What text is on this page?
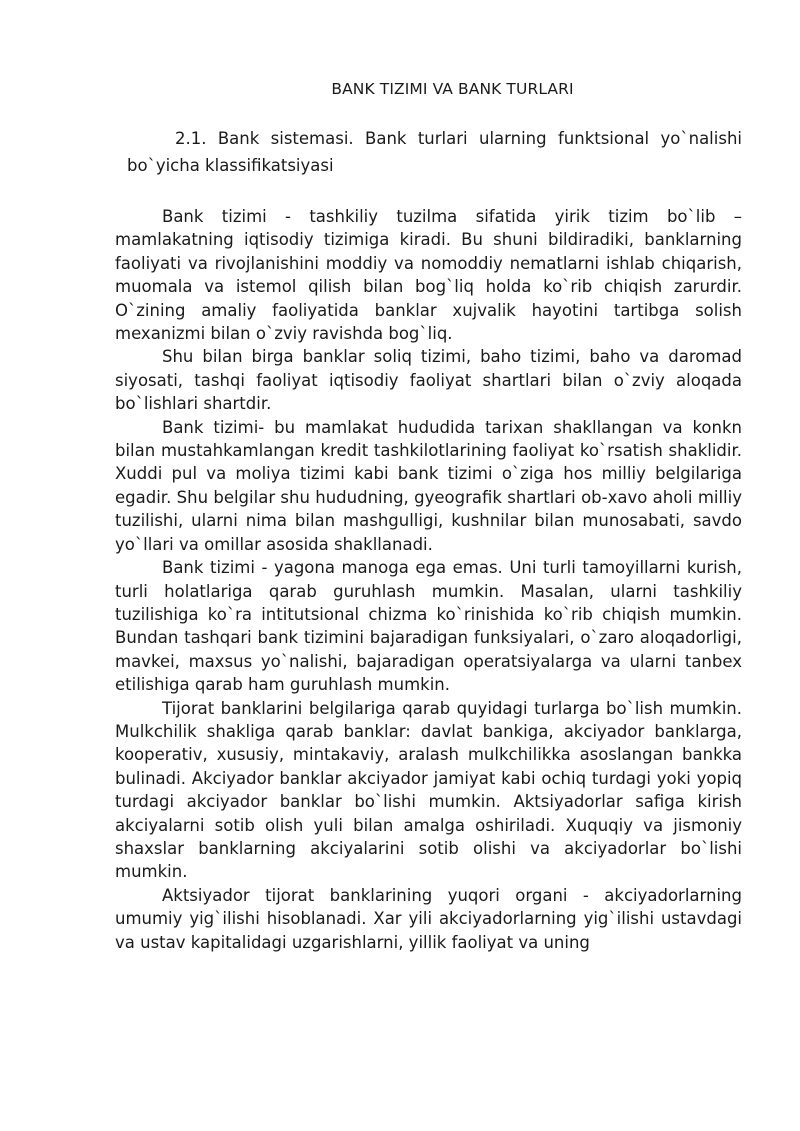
BANK TIZIMI VA BANK TURLARI
2.1. Bank sistemasi. Bank turlari ularning funktsional yo`nalishi bo`yicha klassifikatsiyasi

Bank tizimi - tashkiliy tuzilma sifatida yirik tizim bo`lib – mamlakatning iqtisodiy tizimiga kiradi. Bu shuni bildiradiki, banklarning faoliyati va rivojlanishini moddiy va nomoddiy nematlarni ishlab chiqarish, muomala va istemol qilish bilan bog`liq holda ko`rib chiqish zarurdir. O`zining amaliy faoliyatida banklar xujvalik hayotini tartibga solish mexanizmi bilan o`zviy ravishda bog`liq.

Shu bilan birga banklar soliq tizimi, baho tizimi, baho va daromad siyosati, tashqi faoliyat iqtisodiy faoliyat shartlari bilan o`zviy aloqada bo`lishlari shartdir.

Bank tizimi- bu mamlakat hududida tarixan shakllangan va konkn bilan mustahkamlangan kredit tashkilotlarining faoliyat ko`rsatish shaklidir. Xuddi pul va moliya tizimi kabi bank tizimi o`ziga hos milliy belgilariga egadir. Shu belgilar shu hududning, gyeografik shartlari ob-xavo aholi milliy tuzilishi, ularni nima bilan mashgulligi, kushnilar bilan munosabati, savdo yo`llari va omillar asosida shakllanadi.

Bank tizimi - yagona manoga ega emas. Uni turli tamoyillarni kurish, turli holatlariga qarab guruhlash mumkin. Masalan, ularni tashkiliy tuzilishiga ko`ra intitutsional chizma ko`rinishida ko`rib chiqish mumkin. Bundan tashqari bank tizimini bajaradigan funksiyalari, o`zaro aloqadorligi, mavkei, maxsus yo`nalishi, bajaradigan operatsiyalarga va ularni tanbex etilishiga qarab ham guruhlash mumkin.

Tijorat banklarini belgilariga qarab quyidagi turlarga bo`lish mumkin. Mulkchilik shakliga qarab banklar: davlat bankiga, akciyador banklarga, kooperativ, xususiy, mintakaviy, aralash mulkchilikka asoslangan bankka bulinadi. Akciyador banklar akciyador jamiyat kabi ochiq turdagi yoki yopiq turdagi akciyador banklar bo`lishi mumkin. Aktsiyadorlar safiga kirish akciyalarni sotib olish yuli bilan amalga oshiriladi. Xuquqiy va jismoniy shaxslar banklarning akciyalarini sotib olishi va akciyadorlar bo`lishi mumkin.

Aktsiyador tijorat banklarining yuqori organi - akciyadorlarning umumiy yig`ilishi hisoblanadi. Xar yili akciyadorlarning yig`ilishi ustavdagi va ustav kapitalidagi uzgarishlarni, yillik faoliyat va uning
